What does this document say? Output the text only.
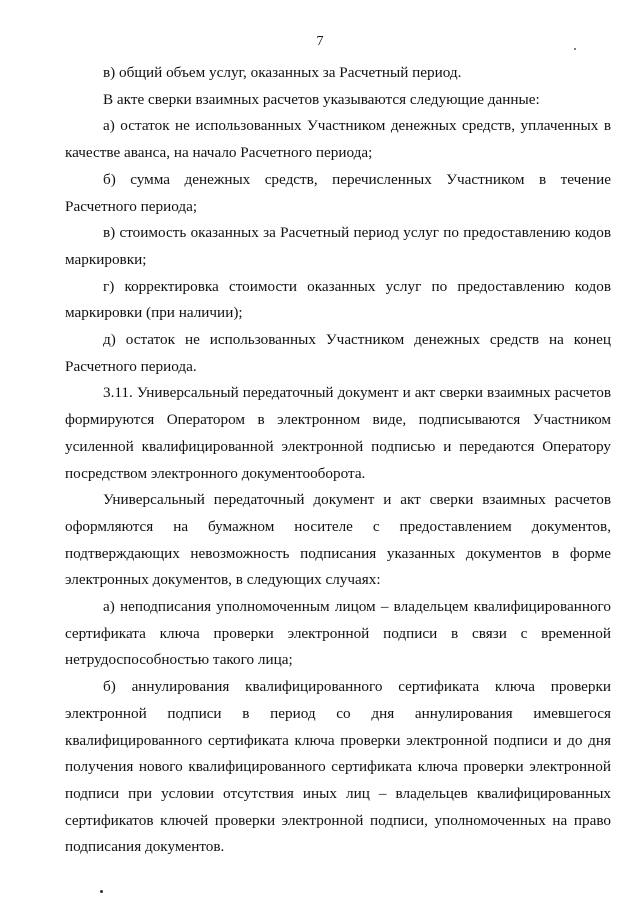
7

в) общий объем услуг, оказанных за Расчетный период.

В акте сверки взаимных расчетов указываются следующие данные:

а) остаток не использованных Участником денежных средств, уплаченных в качестве аванса, на начало Расчетного периода;

б) сумма денежных средств, перечисленных Участником в течение Расчетного периода;

в) стоимость оказанных за Расчетный период услуг по предоставлению кодов маркировки;

г) корректировка стоимости оказанных услуг по предоставлению кодов маркировки (при наличии);

д) остаток не использованных Участником денежных средств на конец Расчетного периода.

3.11. Универсальный передаточный документ и акт сверки взаимных расчетов формируются Оператором в электронном виде, подписываются Участником усиленной квалифицированной электронной подписью и передаются Оператору посредством электронного документооборота.

Универсальный передаточный документ и акт сверки взаимных расчетов оформляются на бумажном носителе с предоставлением документов, подтверждающих невозможность подписания указанных документов в форме электронных документов, в следующих случаях:

а) неподписания уполномоченным лицом – владельцем квалифицированного сертификата ключа проверки электронной подписи в связи с временной нетрудоспособностью такого лица;

б) аннулирования квалифицированного сертификата ключа проверки электронной подписи в период со дня аннулирования имевшегося квалифицированного сертификата ключа проверки электронной подписи и до дня получения нового квалифицированного сертификата ключа проверки электронной подписи при условии отсутствия иных лиц – владельцев квалифицированных сертификатов ключей проверки электронной подписи, уполномоченных на право подписания документов.
